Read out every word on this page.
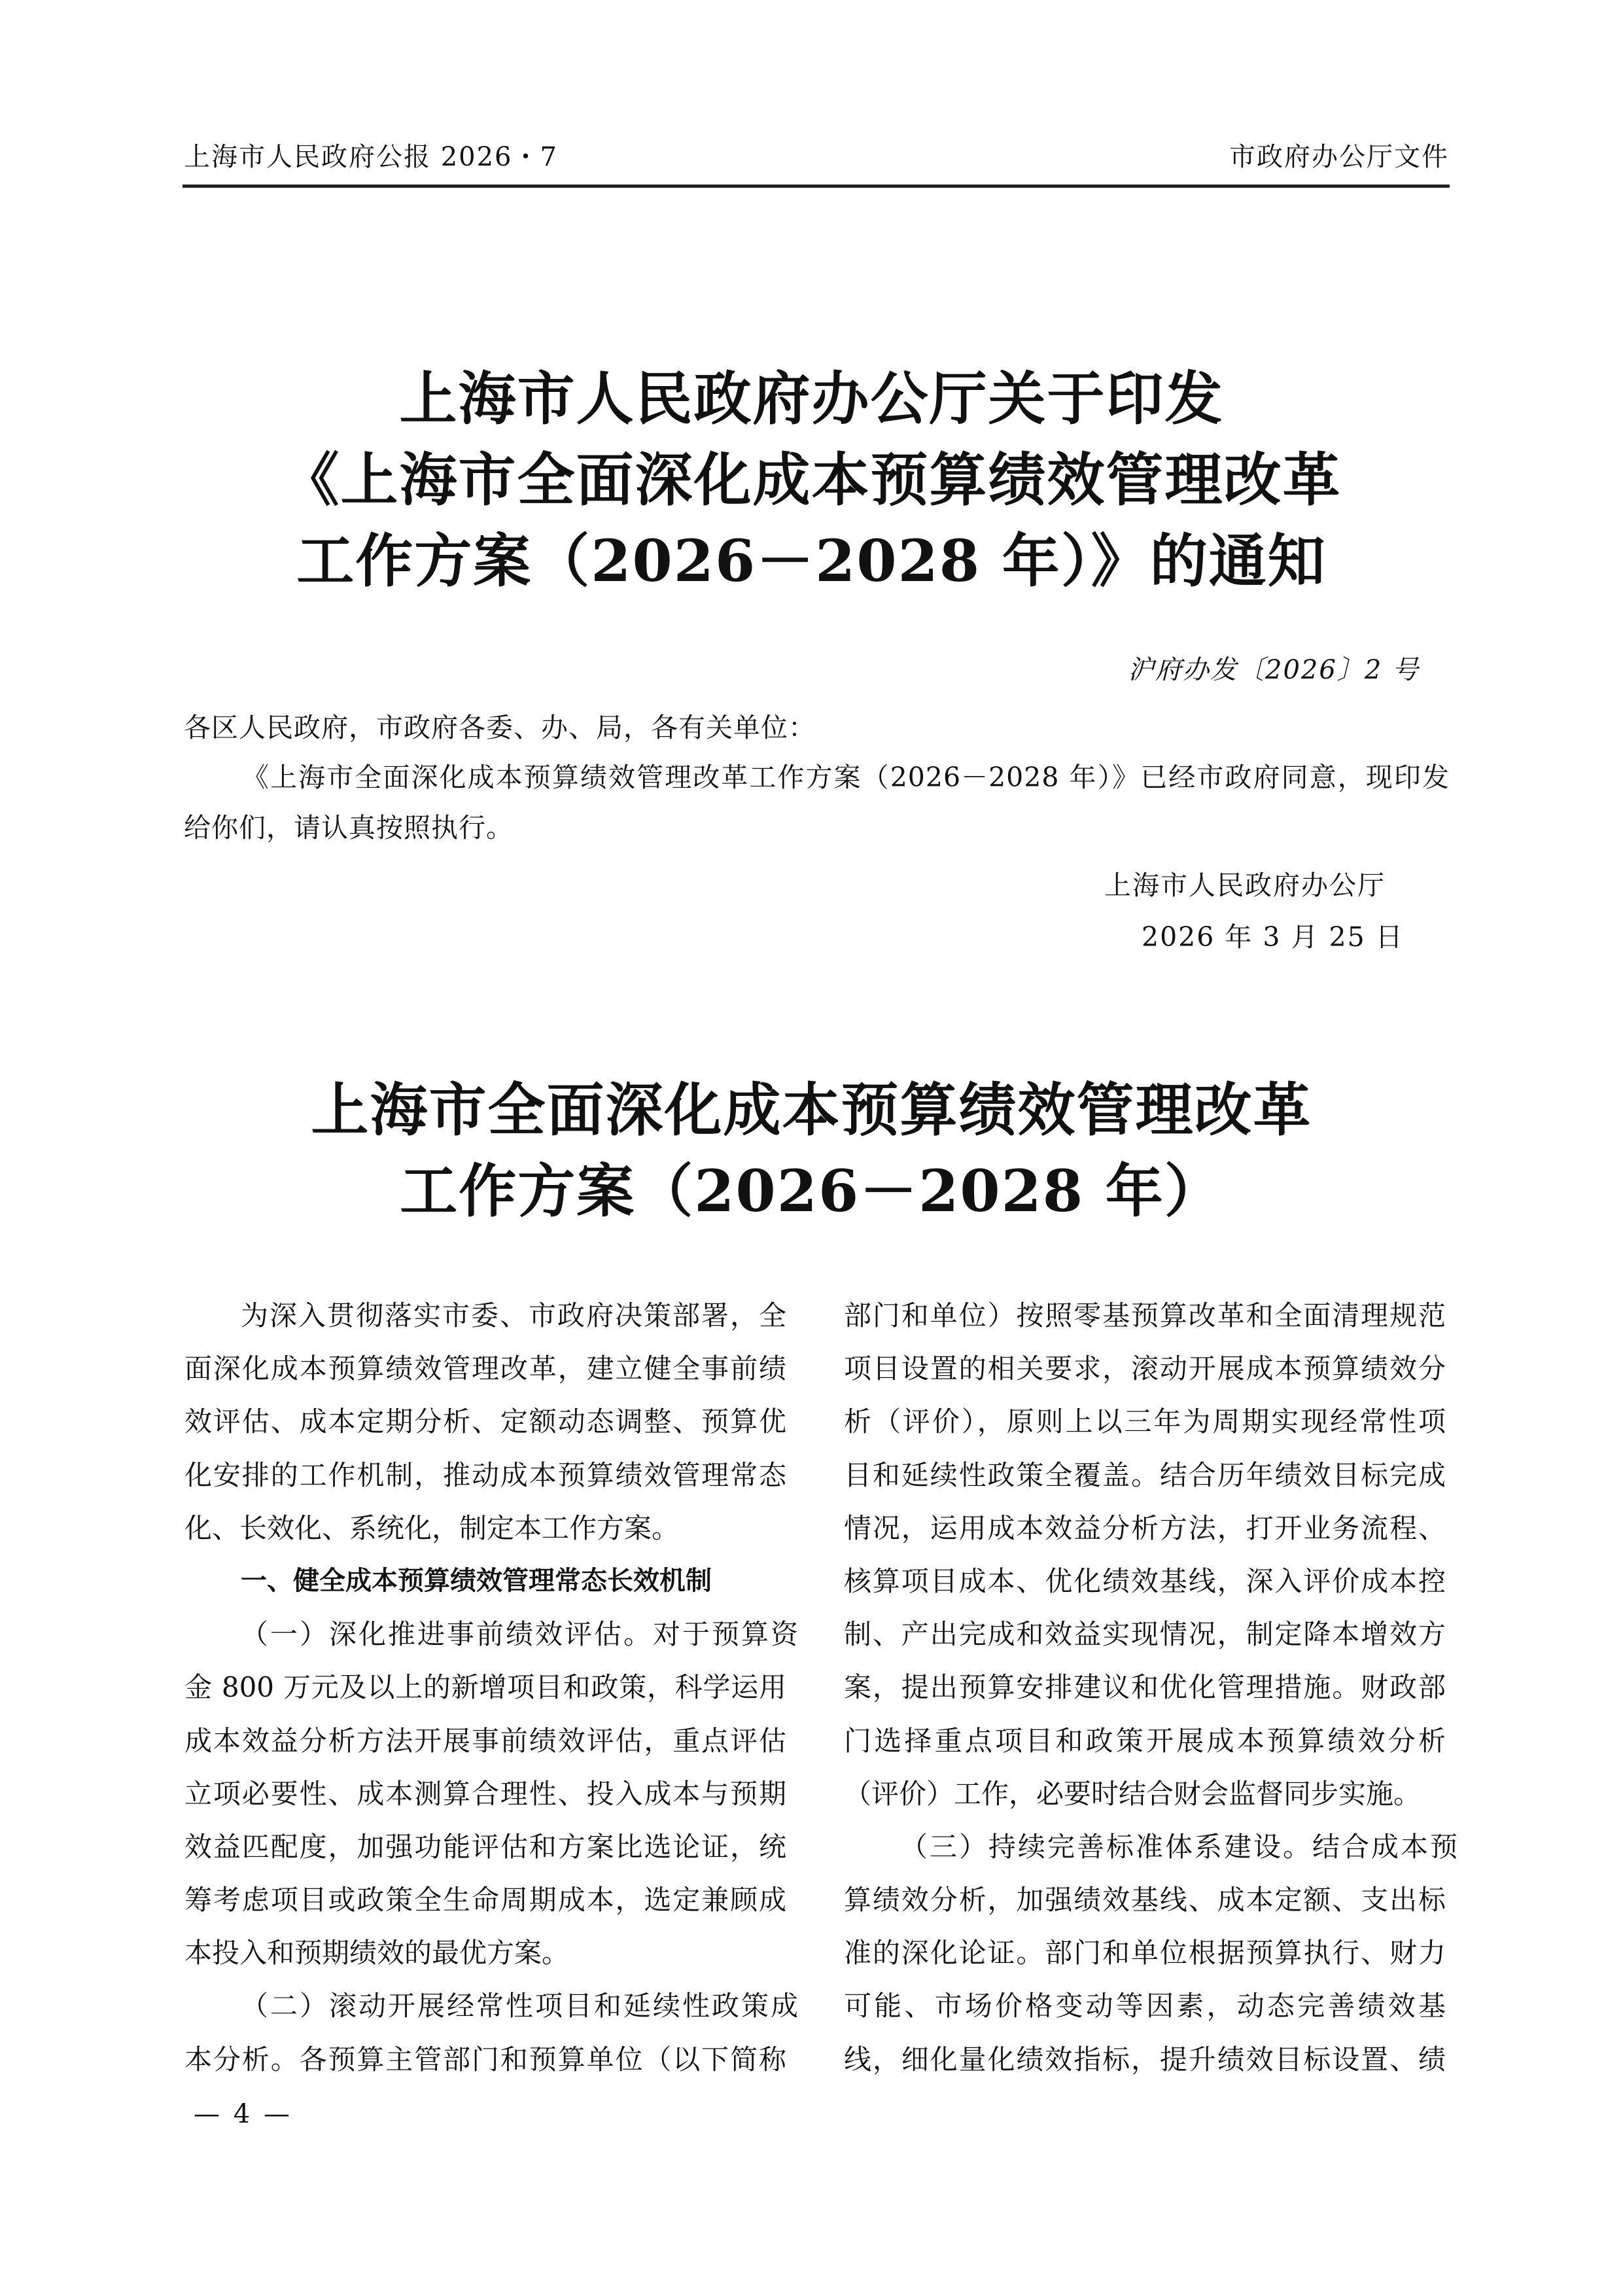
上海市人民政府公报 2026・7	市政府办公厅文件
上海市人民政府办公厅关于印发
《上海市全面深化成本预算绩效管理改革
工作方案（2026－2028 年）》的通知
沪府办发〔2026〕2 号
各区人民政府，市政府各委、办、局，各有关单位：
《上海市全面深化成本预算绩效管理改革工作方案（2026－2028 年）》已经市政府同意，现印发
给你们，请认真按照执行。
上海市人民政府办公厅
2026 年 3 月 25 日
上海市全面深化成本预算绩效管理改革
工作方案（2026－2028 年）
为深入贯彻落实市委、市政府决策部署，全
面深化成本预算绩效管理改革，建立健全事前绩
效评估、成本定期分析、定额动态调整、预算优
化安排的工作机制，推动成本预算绩效管理常态
化、长效化、系统化，制定本工作方案。
一、健全成本预算绩效管理常态长效机制
（一）深化推进事前绩效评估。对于预算资
金 800 万元及以上的新增项目和政策，科学运用
成本效益分析方法开展事前绩效评估，重点评估
立项必要性、成本测算合理性、投入成本与预期
效益匹配度，加强功能评估和方案比选论证，统
筹考虑项目或政策全生命周期成本，选定兼顾成
本投入和预期绩效的最优方案。
（二）滚动开展经常性项目和延续性政策成
本分析。各预算主管部门和预算单位（以下简称
部门和单位）按照零基预算改革和全面清理规范
项目设置的相关要求，滚动开展成本预算绩效分
析（评价），原则上以三年为周期实现经常性项
目和延续性政策全覆盖。结合历年绩效目标完成
情况，运用成本效益分析方法，打开业务流程、
核算项目成本、优化绩效基线，深入评价成本控
制、产出完成和效益实现情况，制定降本增效方
案，提出预算安排建议和优化管理措施。财政部
门选择重点项目和政策开展成本预算绩效分析
（评价）工作，必要时结合财会监督同步实施。
（三）持续完善标准体系建设。结合成本预
算绩效分析，加强绩效基线、成本定额、支出标
准的深化论证。部门和单位根据预算执行、财力
可能、市场价格变动等因素，动态完善绩效基
线，细化量化绩效指标，提升绩效目标设置、绩
— 4 —
